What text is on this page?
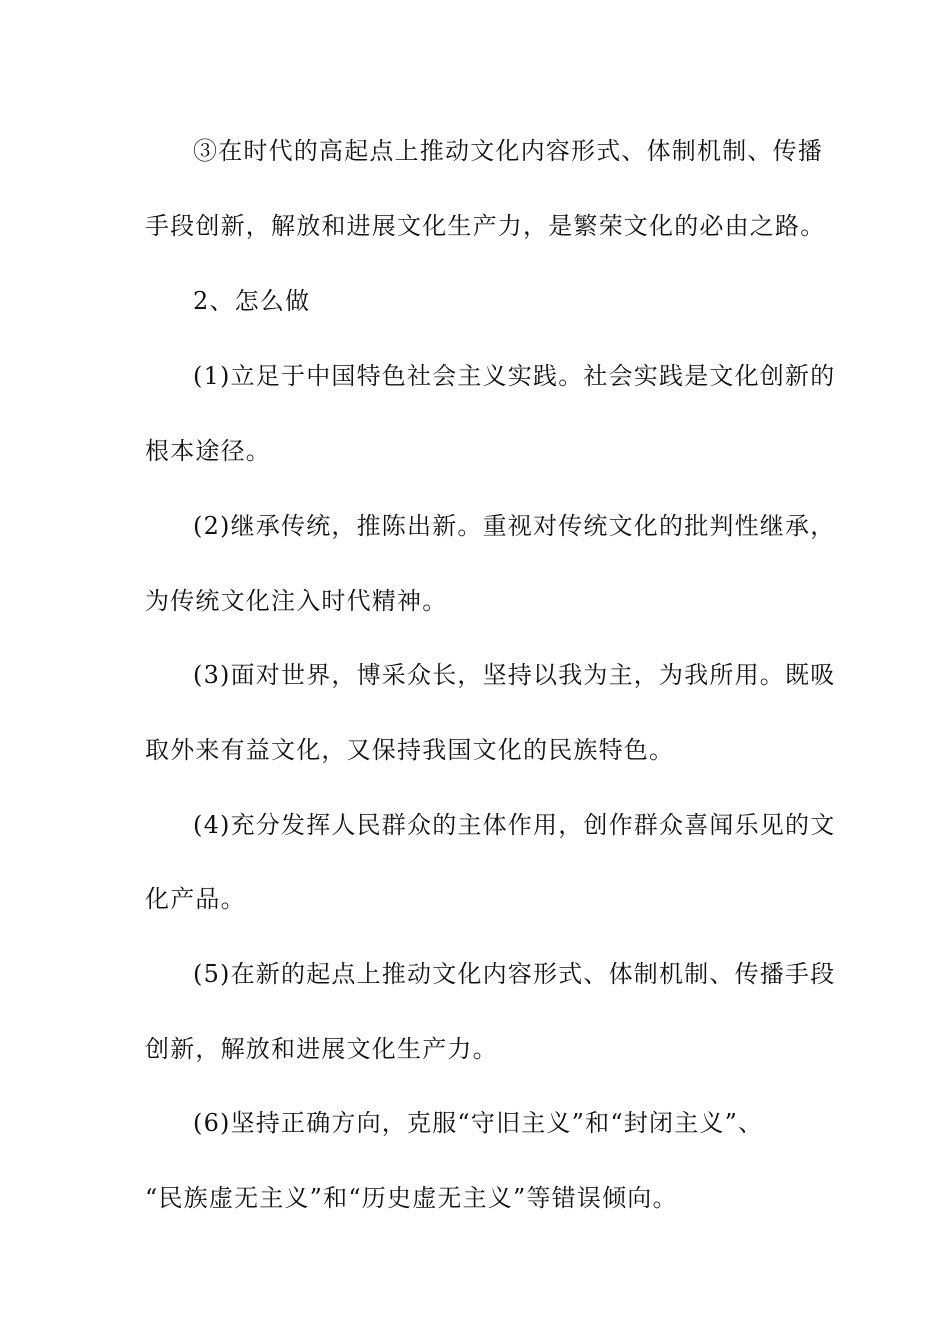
③在时代的高起点上推动文化内容形式、体制机制、传播
手段创新，解放和进展文化生产力，是繁荣文化的必由之路。
2、怎么做
(1)立足于中国特色社会主义实践。社会实践是文化创新的
根本途径。
(2)继承传统，推陈出新。重视对传统文化的批判性继承，
为传统文化注入时代精神。
(3)面对世界，博采众长，坚持以我为主，为我所用。既吸
取外来有益文化，又保持我国文化的民族特色。
(4)充分发挥人民群众的主体作用，创作群众喜闻乐见的文
化产品。
(5)在新的起点上推动文化内容形式、体制机制、传播手段
创新，解放和进展文化生产力。
(6)坚持正确方向，克服“守旧主义”和“封闭主义”、
“民族虚无主义”和“历史虚无主义”等错误倾向。
